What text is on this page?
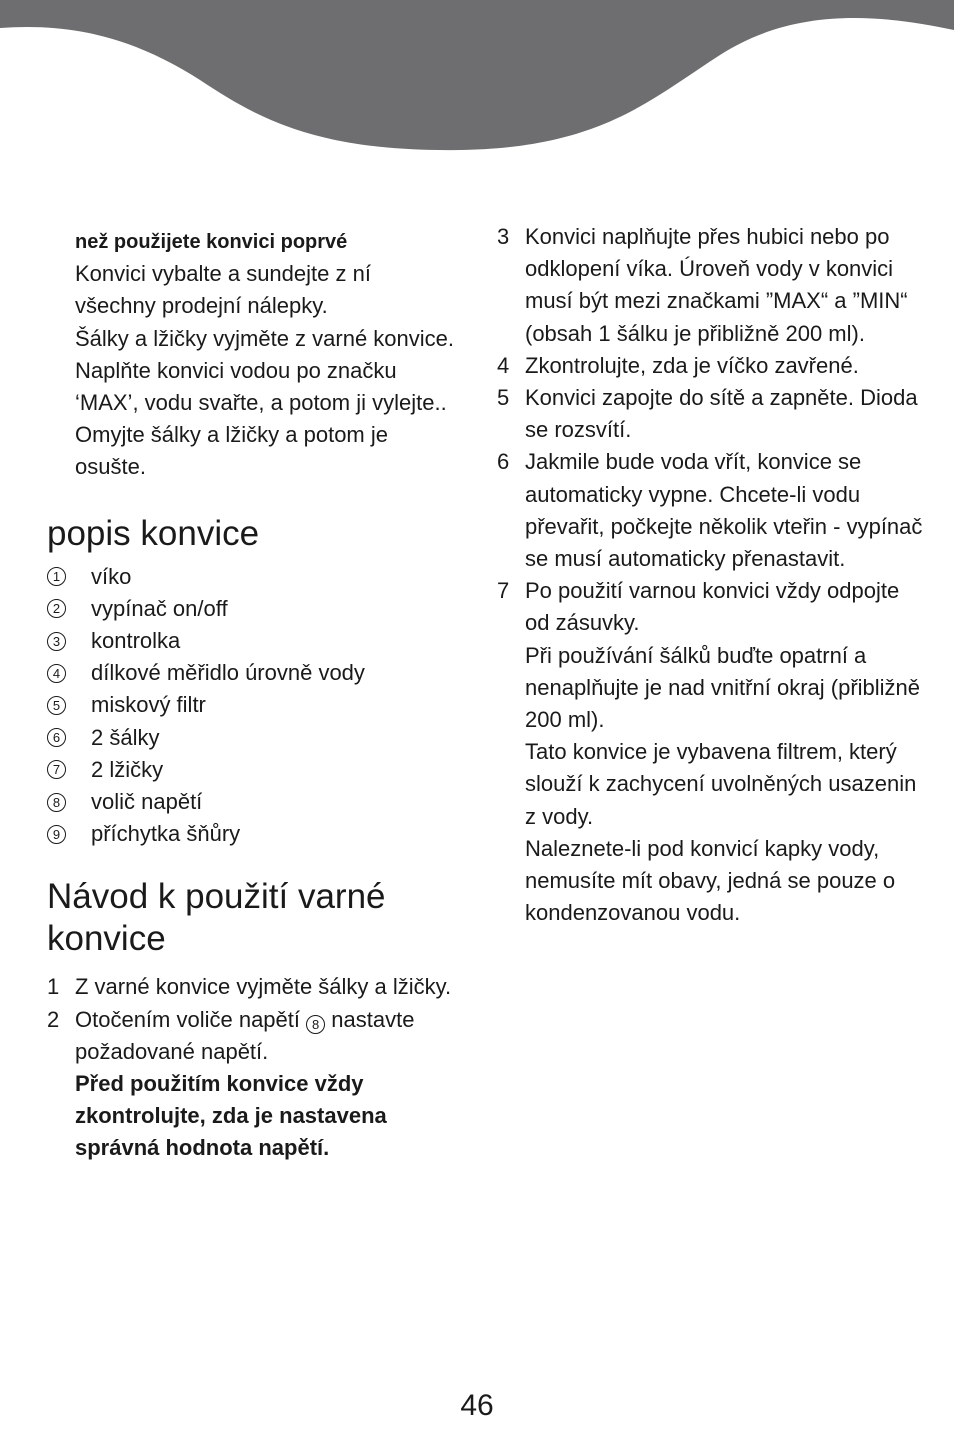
než použijete konvici poprvé

Konvici vybalte a sundejte z ní všechny prodejní nálepky.

Šálky a lžičky vyjměte z varné konvice.

Naplňte konvici vodou po značku ‘MAX’, vodu svařte, a potom ji vylejte..

Omyjte šálky a lžičky a potom je osušte.

popis konvice
1 víko
2 vypínač on/off
3 kontrolka
4 dílkové měřidlo úrovně vody
5 miskový filtr
6 2 šálky
7 2 lžičky
8 volič napětí
9 příchytka šňůry
Návod k použití varné konvice
1 Z varné konvice vyjměte šálky a lžičky.
2 Otočením voliče napětí 8 nastavte požadované napětí.
Před použitím konvice vždy zkontrolujte, zda je nastavena správná hodnota napětí.
3 Konvici naplňujte přes hubici nebo po odklopení víka. Úroveň vody v konvici musí být mezi značkami ”MAX“ a ”MIN“ (obsah 1 šálku je přibližně 200 ml).
4 Zkontrolujte, zda je víčko zavřené.
5 Konvici zapojte do sítě a zapněte. Dioda se rozsvítí.
6 Jakmile bude voda vřít, konvice se automaticky vypne. Chcete-li vodu převařit, počkejte několik vteřin - vypínač se musí automaticky přenastavit.
7 Po použití varnou konvici vždy odpojte od zásuvky.
Při používání šálků buďte opatrní a nenaplňujte je nad vnitřní okraj (přibližně 200 ml).
Tato konvice je vybavena filtrem, který slouží k zachycení uvolněných usazenin z vody.
Naleznete-li pod konvicí kapky vody, nemusíte mít obavy, jedná se pouze o kondenzovanou vodu.
46
